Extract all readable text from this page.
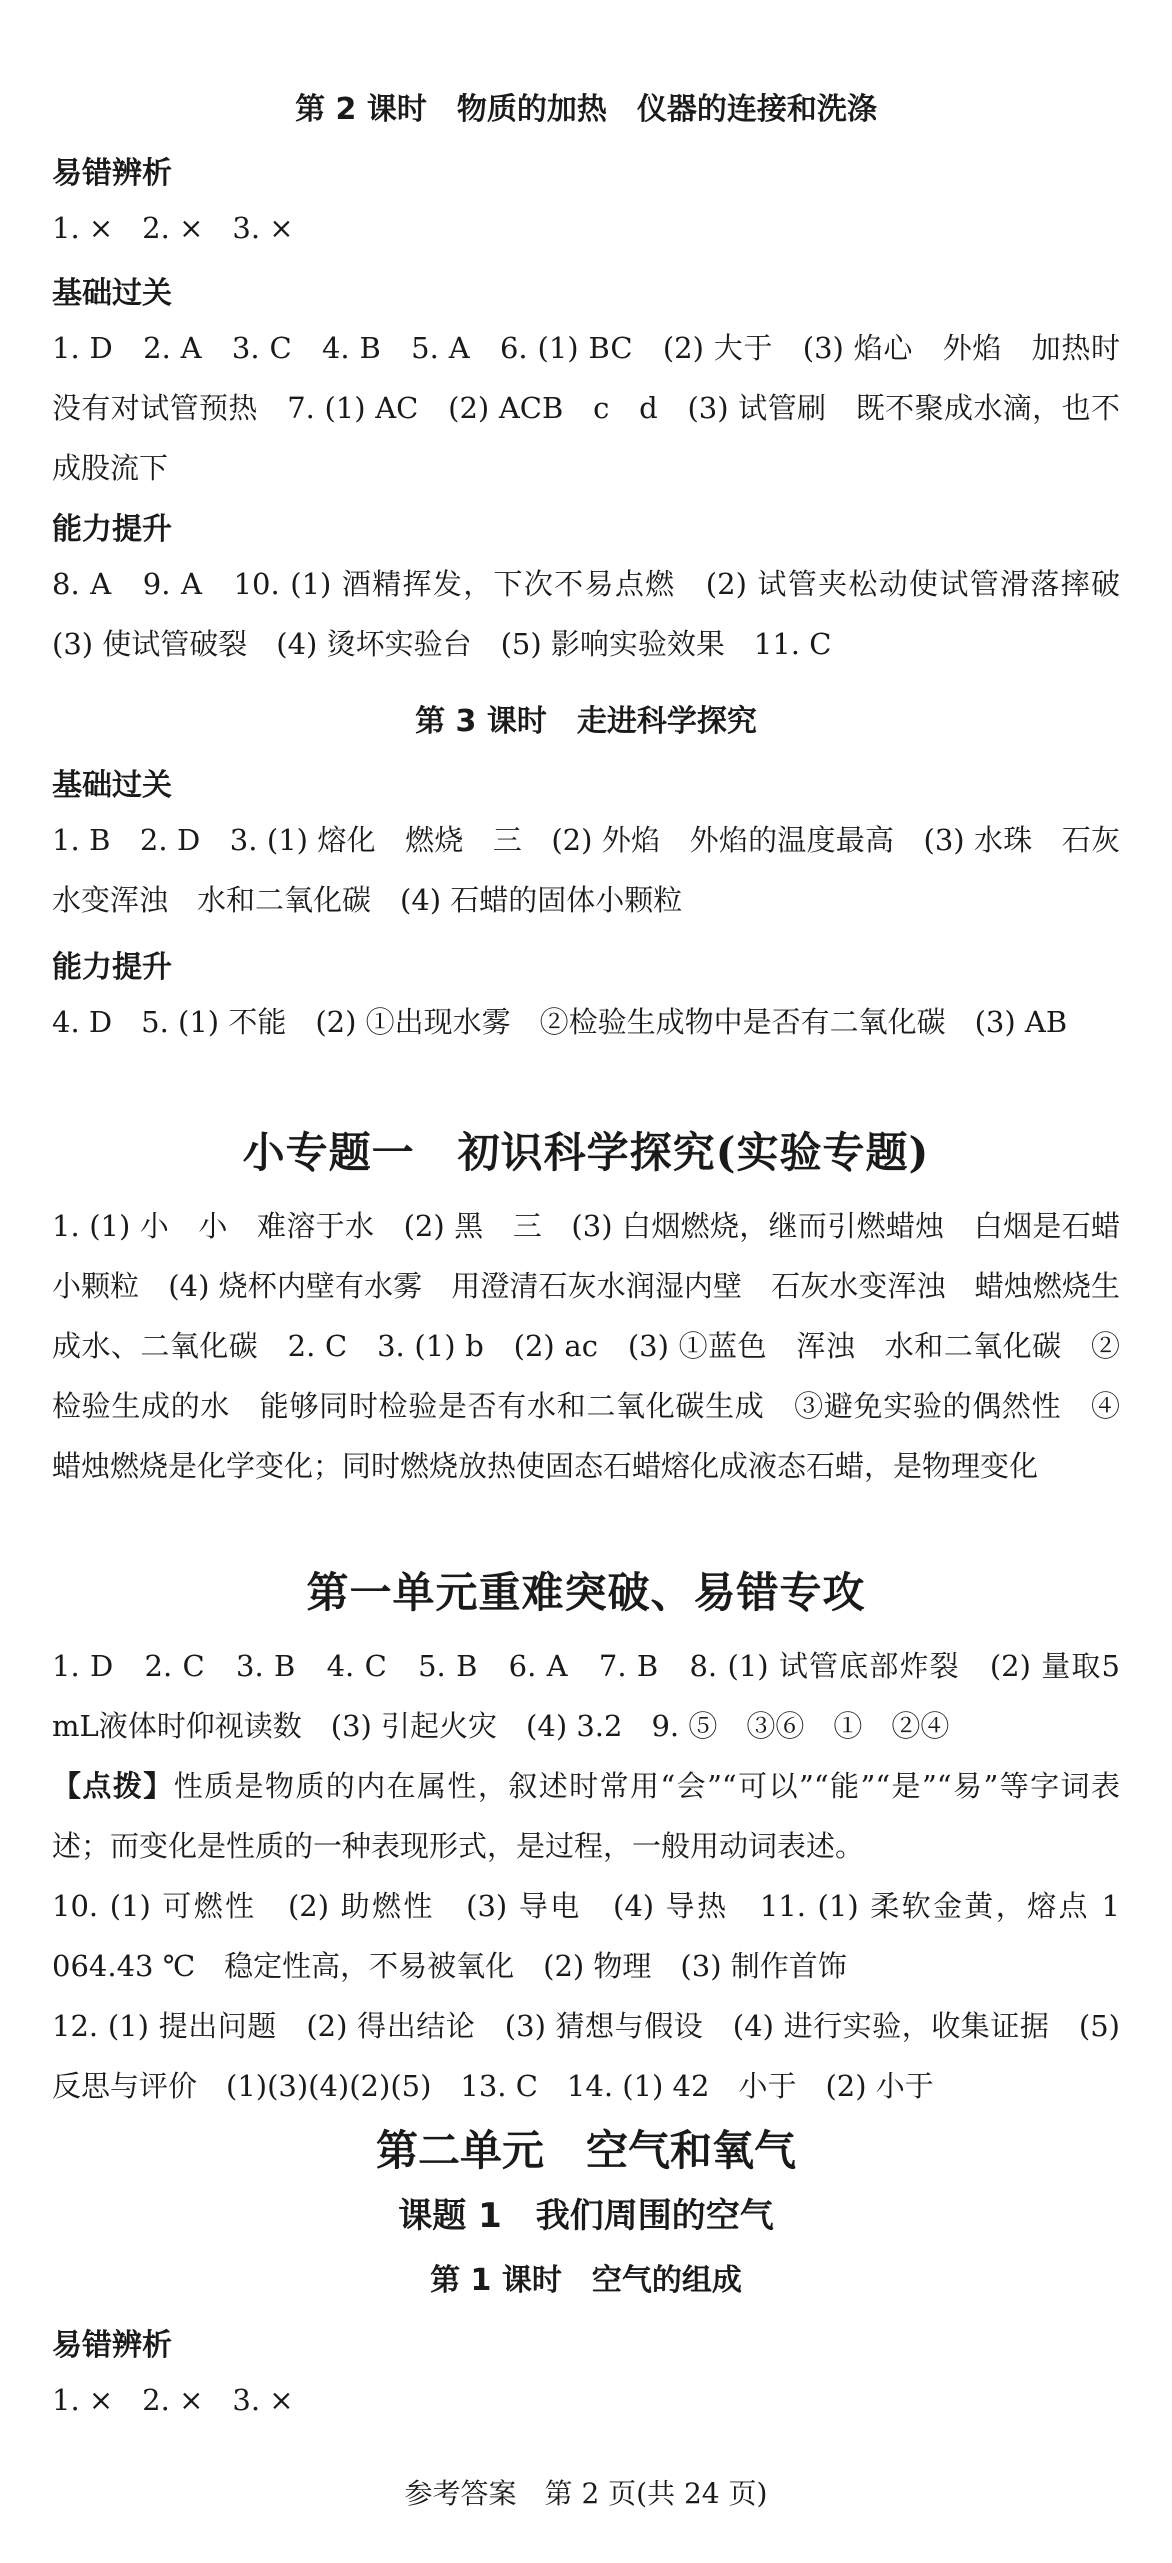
第 2 课时　物质的加热　仪器的连接和洗涤
易错辨析
1. ×　2. ×　3. ×
基础过关
1. D　2. A　3. C　4. B　5. A　6. (1) BC　(2) 大于　(3) 焰心　外焰　加热时没有对试管预热　7. (1) AC　(2) ACB　c　d　(3) 试管刷　既不聚成水滴，也不成股流下
能力提升
8. A　9. A　10. (1) 酒精挥发，下次不易点燃　(2) 试管夹松动使试管滑落摔破　(3) 使试管破裂　(4) 烫坏实验台　(5) 影响实验效果　11. C
第 3 课时　走进科学探究
基础过关
1. B　2. D　3. (1) 熔化　燃烧　三　(2) 外焰　外焰的温度最高　(3) 水珠　石灰水变浑浊　水和二氧化碳　(4) 石蜡的固体小颗粒
能力提升
4. D　5. (1) 不能　(2) ①出现水雾　②检验生成物中是否有二氧化碳　(3) AB
小专题一　初识科学探究(实验专题)
1. (1) 小　小　难溶于水　(2) 黑　三　(3) 白烟燃烧，继而引燃蜡烛　白烟是石蜡小颗粒　(4) 烧杯内壁有水雾　用澄清石灰水润湿内壁　石灰水变浑浊　蜡烛燃烧生成水、二氧化碳　2. C　3. (1) b　(2) ac　(3) ①蓝色　浑浊　水和二氧化碳　②检验生成的水　能够同时检验是否有水和二氧化碳生成　③避免实验的偶然性　④蜡烛燃烧是化学变化；同时燃烧放热使固态石蜡熔化成液态石蜡，是物理变化
第一单元重难突破、易错专攻

1. D　2. C　3. B　4. C　5. B　6. A　7. B　8. (1) 试管底部炸裂　(2) 量取5 mL液体时仰视读数　(3) 引起火灾　(4) 3.2　9. ⑤　③⑥　①　②④

【点拨】性质是物质的内在属性，叙述时常用“会”“可以”“能”“是”“易”等字词表述；而变化是性质的一种表现形式，是过程，一般用动词表述。

10. (1) 可燃性　(2) 助燃性　(3) 导电　(4) 导热　11. (1) 柔软金黄，熔点 1 064.43 ℃　稳定性高，不易被氧化　(2) 物理　(3) 制作首饰

12. (1) 提出问题　(2) 得出结论　(3) 猜想与假设　(4) 进行实验，收集证据　(5) 反思与评价　(1)(3)(4)(2)(5)　13. C　14. (1) 42　小于　(2) 小于

第二单元　空气和氧气
课题 1　我们周围的空气
第 1 课时　空气的组成
易错辨析
1. ×　2. ×　3. ×
参考答案　第 2 页(共 24 页)
